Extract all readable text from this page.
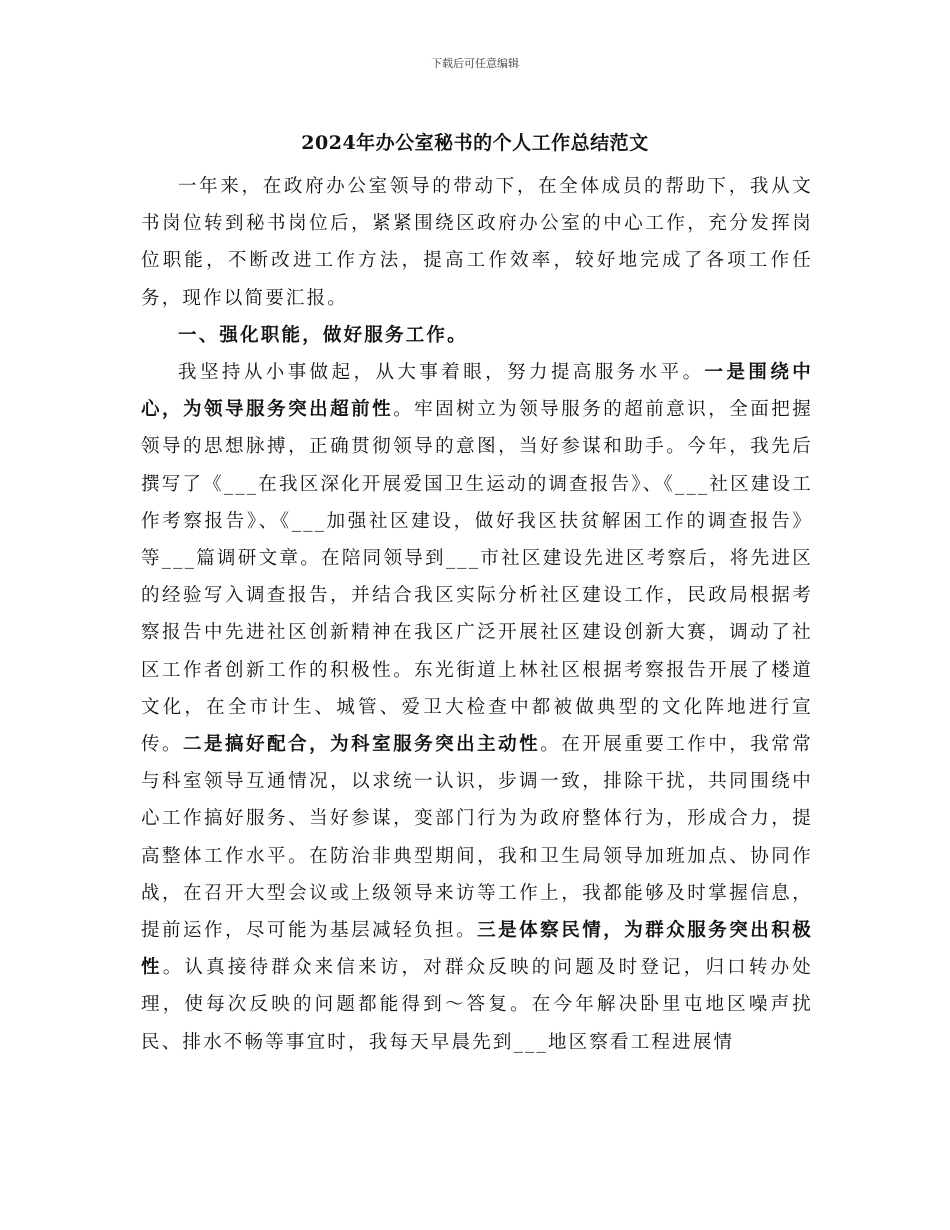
下载后可任意编辑
2024年办公室秘书的个人工作总结范文

一年来，在政府办公室领导的带动下，在全体成员的帮助下，我从文书岗位转到秘书岗位后，紧紧围绕区政府办公室的中心工作，充分发挥岗位职能，不断改进工作方法，提高工作效率，较好地完成了各项工作任务，现作以简要汇报。

一、强化职能，做好服务工作。

我坚持从小事做起，从大事着眼，努力提高服务水平。一是围绕中心，为领导服务突出超前性。牢固树立为领导服务的超前意识，全面把握领导的思想脉搏，正确贯彻领导的意图，当好参谋和助手。今年，我先后撰写了《___在我区深化开展爱国卫生运动的调查报告》、《___社区建设工作考察报告》、《___加强社区建设，做好我区扶贫解困工作的调查报告》等___篇调研文章。在陪同领导到___市社区建设先进区考察后，将先进区的经验写入调查报告，并结合我区实际分析社区建设工作，民政局根据考察报告中先进社区创新精神在我区广泛开展社区建设创新大赛，调动了社区工作者创新工作的积极性。东光街道上林社区根据考察报告开展了楼道文化，在全市计生、城管、爱卫大检查中都被做典型的文化阵地进行宣传。二是搞好配合，为科室服务突出主动性。在开展重要工作中，我常常与科室领导互通情况，以求统一认识，步调一致，排除干扰，共同围绕中心工作搞好服务、当好参谋，变部门行为为政府整体行为，形成合力，提高整体工作水平。在防治非典型期间，我和卫生局领导加班加点、协同作战，在召开大型会议或上级领导来访等工作上，我都能够及时掌握信息，提前运作，尽可能为基层减轻负担。三是体察民情，为群众服务突出积极性。认真接待群众来信来访，对群众反映的问题及时登记，归口转办处理，使每次反映的问题都能得到～答复。在今年解决卧里屯地区噪声扰民、排水不畅等事宜时，我每天早晨先到___地区察看工程进展情
